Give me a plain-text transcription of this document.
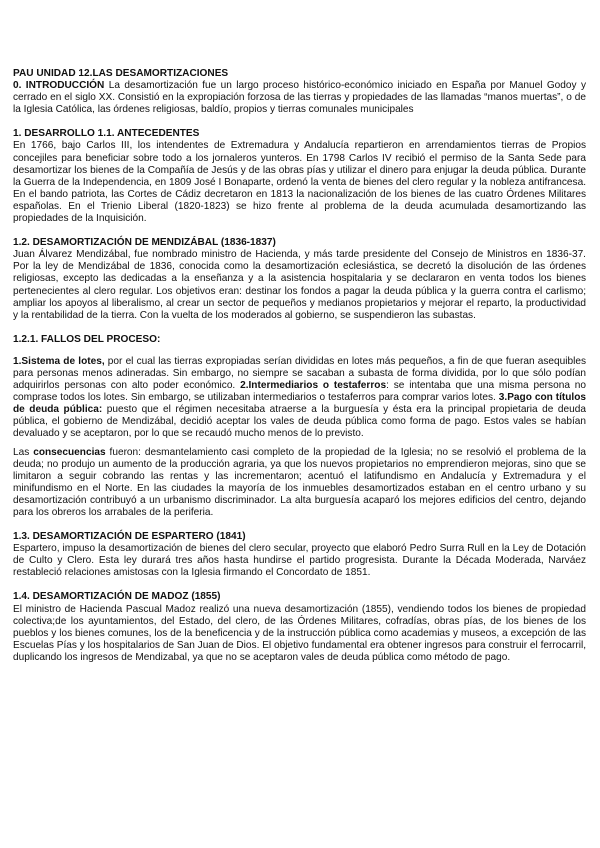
PAU UNIDAD 12.LAS DESAMORTIZACIONES

0. INTRODUCCIÓN La desamortización fue un largo proceso histórico-económico iniciado en España por Manuel Godoy y cerrado en el siglo XX. Consistió en la expropiación forzosa de las tierras y propiedades de las llamadas “manos muertas”, o de la Iglesia Católica, las órdenes religiosas, baldío, propios y tierras comunales municipales

1. DESARROLLO 1.1. ANTECEDENTES

En 1766, bajo Carlos III, los intendentes de Extremadura y Andalucía repartieron en arrendamientos tierras de Propios concejiles para beneficiar sobre todo a los jornaleros yunteros. En 1798 Carlos IV recibió el permiso de la Santa Sede para desamortizar los bienes de la Compañía de Jesús y de las obras pías y utilizar el dinero para enjugar la deuda pública. Durante la Guerra de la Independencia, en 1809 José I Bonaparte, ordenó la venta de bienes del clero regular y la nobleza antifrancesa. En el bando patriota, las Cortes de Cádiz decretaron en 1813 la nacionalización de los bienes de las cuatro Órdenes Militares españolas. En el Trienio Liberal (1820-1823) se hizo frente al problema de la deuda acumulada desamortizando las propiedades de la Inquisición.

1.2. DESAMORTIZACIÓN DE MENDIZÁBAL (1836-1837)

Juan Álvarez Mendizábal, fue nombrado ministro de Hacienda, y más tarde presidente del Consejo de Ministros en 1836-37. Por la ley de Mendizábal de 1836, conocida como la desamortización eclesiástica, se decretó la disolución de las órdenes religiosas, excepto las dedicadas a la enseñanza y a la asistencia hospitalaria y se declararon en venta todos los bienes pertenecientes al clero regular. Los objetivos eran: destinar los fondos a pagar la deuda pública y la guerra contra el carlismo; ampliar los apoyos al liberalismo, al crear un sector de pequeños y medianos propietarios y mejorar el reparto, la productividad y la rentabilidad de la tierra. Con la vuelta de los moderados al gobierno, se suspendieron las subastas.

1.2.1. FALLOS DEL PROCESO:

1.Sistema de lotes, por el cual las tierras expropiadas serían divididas en lotes más pequeños, a fin de que fueran asequibles para personas menos adineradas. Sin embargo, no siempre se sacaban a subasta de forma dividida, por lo que sólo podían adquirirlos personas con alto poder económico. 2.Intermediarios o testaferros: se intentaba que una misma persona no comprase todos los lotes. Sin embargo, se utilizaban intermediarios o testaferros para comprar varios lotes. 3.Pago con títulos de deuda pública: puesto que el régimen necesitaba atraerse a la burguesía y ésta era la principal propietaria de deuda pública, el gobierno de Mendizábal, decidió aceptar los vales de deuda pública como forma de pago. Estos vales se habían devaluado y se aceptaron, por lo que se recaudó mucho menos de lo previsto.

Las consecuencias fueron: desmantelamiento casi completo de la propiedad de la Iglesia; no se resolvió el problema de la deuda; no produjo un aumento de la producción agraria, ya que los nuevos propietarios no emprendieron mejoras, sino que se limitaron a seguir cobrando las rentas y las incrementaron; acentuó el latifundismo en Andalucía y Extremadura y el minifundismo en el Norte. En las ciudades la mayoría de los inmuebles desamortizados estaban en el centro urbano y su desamortización contribuyó a un urbanismo discriminador. La alta burguesía acaparó los mejores edificios del centro, dejando para los obreros los arrabales de la periferia.

1.3. DESAMORTIZACIÓN DE ESPARTERO (1841)

Espartero, impuso la desamortización de bienes del clero secular, proyecto que elaboró Pedro Surra Rull en la Ley de Dotación de Culto y Clero. Esta ley durará tres años hasta hundirse el partido progresista. Durante la Década Moderada, Narváez restableció relaciones amistosas con la Iglesia firmando el Concordato de 1851.

1.4. DESAMORTIZACIÓN DE MADOZ (1855)

El ministro de Hacienda Pascual Madoz realizó una nueva desamortización (1855), vendiendo todos los bienes de propiedad colectiva;de los ayuntamientos, del Estado, del clero, de las Órdenes Militares, cofradías, obras pías, de los bienes de los pueblos y los bienes comunes, los de la beneficencia y de la instrucción pública como academias y museos, a excepción de las Escuelas Pías y los hospitalarios de San Juan de Dios. El objetivo fundamental era obtener ingresos para construir el ferrocarril, duplicando los ingresos de Mendizabal, ya que no se aceptaron vales de deuda pública como método de pago.
